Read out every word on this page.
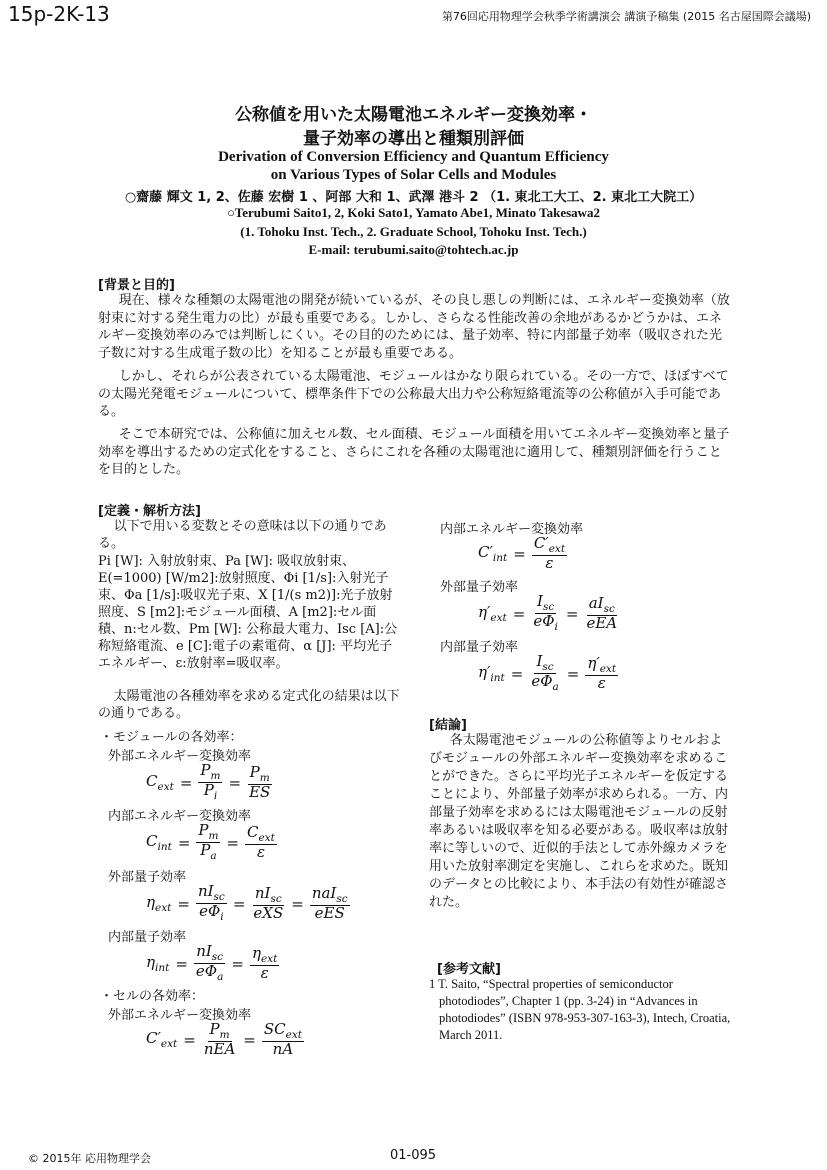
15p-2K-13	第76回応用物理学会秋季学術講演会 講演予稿集 (2015 名古屋国際会議場)
公称値を用いた太陽電池エネルギー変換効率・
量子効率の導出と種類別評価
Derivation of Conversion Efficiency and Quantum Efficiency
on Various Types of Solar Cells and Modules
○齋藤 輝文 1, 2、佐藤 宏樹 1 、阿部 大和 1、武澤 港斗 2 （1. 東北工大工、2. 東北工大院工）
○Terubumi Saito1, 2, Koki Sato1, Yamato Abe1, Minato Takesawa2
(1. Tohoku Inst. Tech., 2. Graduate School, Tohoku Inst. Tech.)
E-mail: terubumi.saito@tohtech.ac.jp
[背景と目的]
現在、様々な種類の太陽電池の開発が続いているが、その良し悪しの判断には、エネルギー変換効率（放射束に対する発生電力の比）が最も重要である。しかし、さらなる性能改善の余地があるかどうかは、エネルギー変換効率のみでは判断しにくい。その目的のためには、量子効率、特に内部量子効率（吸収された光子数に対する生成電子数の比）を知ることが最も重要である。
しかし、それらが公表されている太陽電池、モジュールはかなり限られている。その一方で、ほぼすべての太陽光発電モジュールについて、標準条件下での公称最大出力や公称短絡電流等の公称値が入手可能である。
そこで本研究では、公称値に加えセル数、セル面積、モジュール面積を用いてエネルギー変換効率と量子効率を導出するための定式化をすること、さらにこれを各種の太陽電池に適用して、種類別評価を行うことを目的とした。
[定義・解析方法]
以下で用いる変数とその意味は以下の通りである。
Pi [W]: 入射放射束、Pa [W]: 吸収放射束、E(=1000) [W/m2]:放射照度、Φi [1/s]:入射光子束、Φa [1/s]:吸収光子束、X [1/(s m2)]:光子放射照度、S [m2]:モジュール面積、A [m2]:セル面積、n:セル数、Pm [W]: 公称最大電力、Isc [A]:公称短絡電流、e [C]:電子の素電荷、α [J]: 平均光子エネルギー、ε:放射率=吸収率。
太陽電池の各種効率を求める定式化の結果は以下の通りである。
・モジュールの各効率：
外部エネルギー変換効率
$C_{ext} = \frac{P_m}{P_i} = \frac{P_m}{ES}$
内部エネルギー変換効率
$C_{int} = \frac{P_m}{P_a} = \frac{C_{ext}}{\varepsilon}$
外部量子効率
$\eta_{ext} = \frac{nI_{sc}}{e\Phi_i} = \frac{nI_{sc}}{\text{eXS}} = \frac{naI_{sc}}{\text{eES}}$
内部量子効率
$\eta_{int} = \frac{nI_{sc}}{e\Phi_a} = \frac{\eta_{ext}}{\varepsilon}$
・セルの各効率：
外部エネルギー変換効率
$C'_{ext} = \frac{P_m}{\text{nEA}} = \frac{SC_{ext}}{nA}$
内部エネルギー変換効率
$C'_{int} = \frac{C'_{ext}}{\varepsilon}$
外部量子効率
$\eta'_{ext} = \frac{I_{sc}}{e\Phi_i} = \frac{aI_{sc}}{\text{eEA}}$
内部量子効率
$\eta'_{int} = \frac{I_{sc}}{e\Phi_a} = \frac{\eta'_{ext}}{\varepsilon}$
[結論]
各太陽電池モジュールの公称値等よりセルおよびモジュールの外部エネルギー変換効率を求めることができた。さらに平均光子エネルギーを仮定することにより、外部量子効率が求められる。一方、内部量子効率を求めるには太陽電池モジュールの反射率あるいは吸収率を知る必要がある。吸収率は放射率に等しいので、近似的手法として赤外線カメラを用いた放射率測定を実施し、これらを求めた。既知のデータとの比較により、本手法の有効性が確認された。
[参考文献]
1 T. Saito, “Spectral properties of semiconductor photodiodes”, Chapter 1 (pp. 3-24) in “Advances in photodiodes” (ISBN 978-953-307-163-3), Intech, Croatia, March 2011.
© 2015年 応用物理学会	01-095
